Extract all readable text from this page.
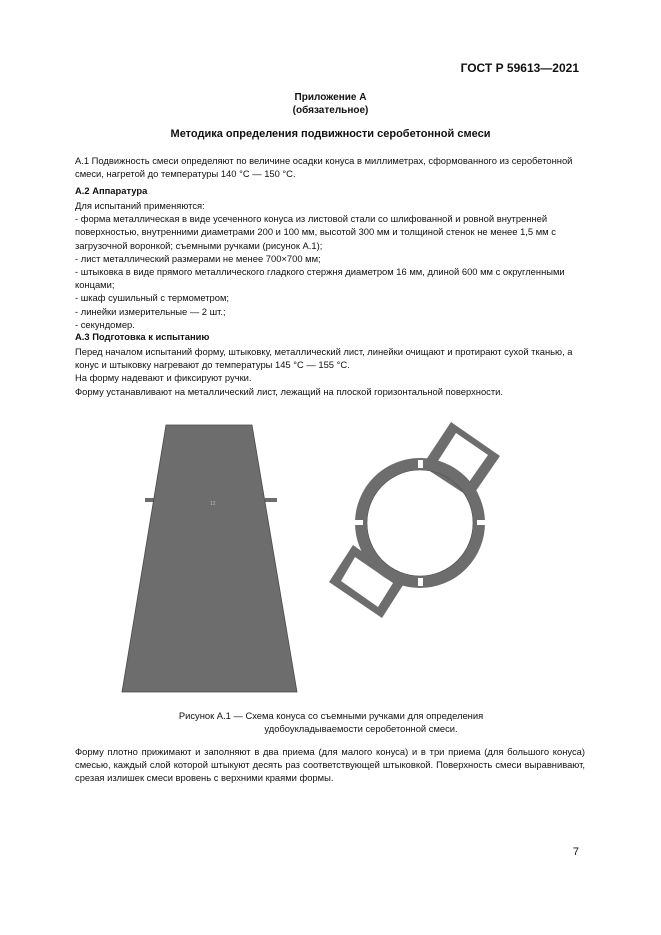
ГОСТ Р 59613—2021
Приложение А
(обязательное)
Методика определения подвижности серобетонной смеси

А.1 Подвижность смеси определяют по величине осадки конуса в миллиметрах, сформованного из серобетонной смеси, нагретой до температуры 140 °С — 150 °С.

А.2 Аппаратура

Для испытаний применяются:

- форма металлическая в виде усеченного конуса из листовой стали со шлифованной и ровной внутренней поверхностью, внутренними диаметрами 200 и 100 мм, высотой 300 мм и толщиной стенок не менее 1,5 мм с загрузочной воронкой; съемными ручками (рисунок А.1);

- лист металлический размерами не менее 700×700 мм;

- штыковка в виде прямого металлического гладкого стержня диаметром 16 мм, длиной 600 мм с округленными концами;

- шкаф сушильный с термометром;

- линейки измерительные — 2 шт.;

- секундомер.

А.3 Подготовка к испытанию

Перед началом испытаний форму, штыковку, металлический лист, линейки очищают и протирают сухой тканью, а конус и штыковку нагревают до температуры 145 °С — 155 °С.

На форму надевают и фиксируют ручки.

Форму устанавливают на металлический лист, лежащий на плоской горизонтальной поверхности.

12
Рисунок А.1 — Схема конуса со съемными ручками для определения
удобоукладываемости серобетонной смеси.

Форму плотно прижимают и заполняют в два приема (для малого конуса) и в три приема (для большого конуса) смесью, каждый слой которой штыкуют десять раз соответствующей штыковкой. Поверхность смеси выравнивают, срезая излишек смеси вровень с верхними краями формы.

7
